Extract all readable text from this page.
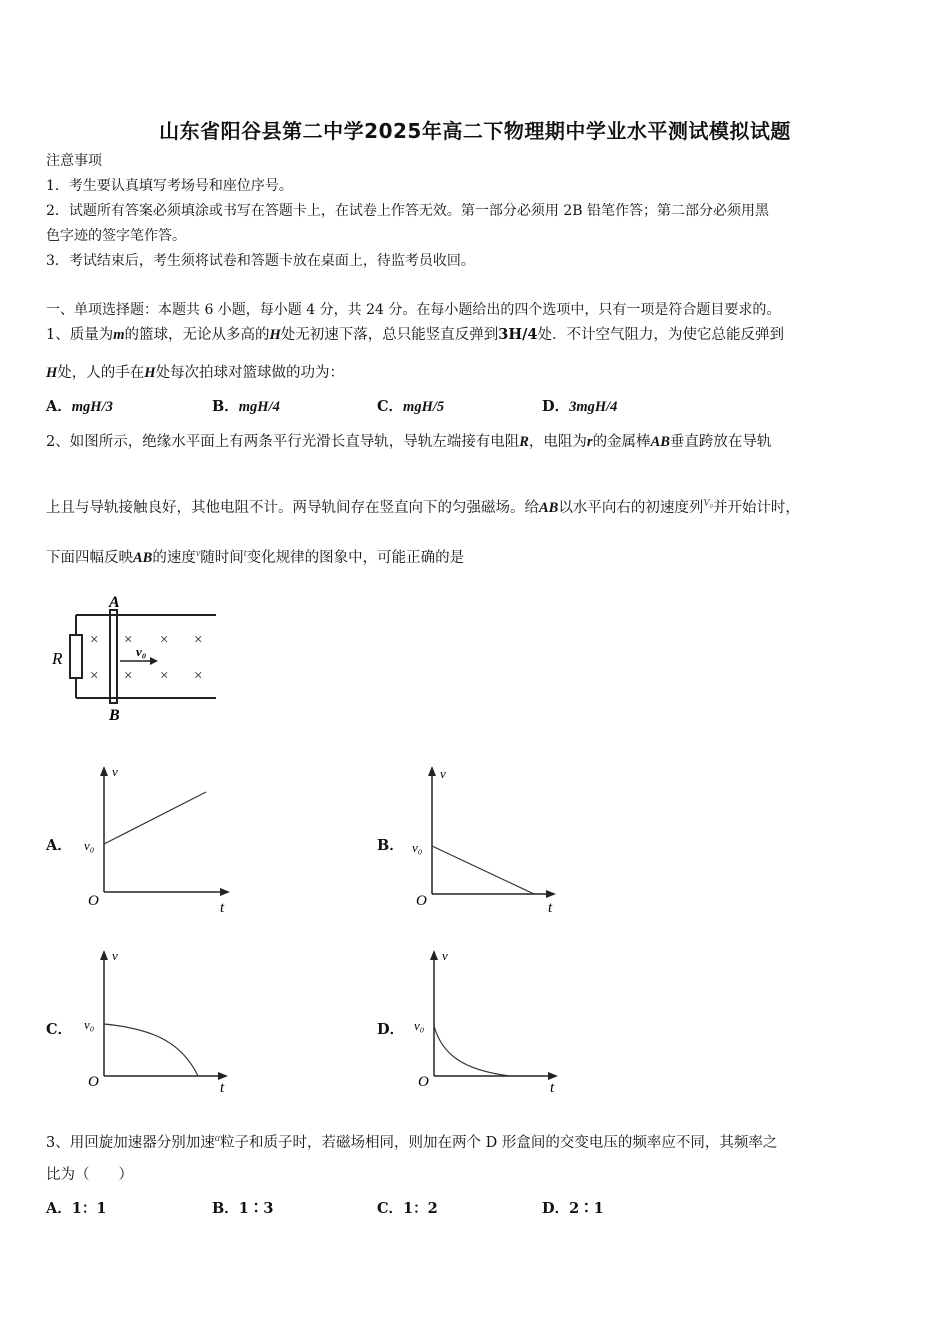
山东省阳谷县第二中学2025年高二下物理期中学业水平测试模拟试题
注意事项
1．考生要认真填写考场号和座位序号。
2．试题所有答案必须填涂或书写在答题卡上，在试卷上作答无效。第一部分必须用 2B 铅笔作答；第二部分必须用黑
色字迹的签字笔作答。
3．考试结束后，考生须将试卷和答题卡放在桌面上，待监考员收回。
一、单项选择题：本题共 6 小题，每小题 4 分，共 24 分。在每小题给出的四个选项中，只有一项是符合题目要求的。
1、质量为m的篮球，无论从多高的H处无初速下落，总只能竖直反弹到3H/4处．不计空气阻力，为使它总能反弹到
H处，人的手在H处每次拍球对篮球做的功为：
A．mgH/3	B．mgH/4	C．mgH/5	D．3mgH/4
2、如图所示，绝缘水平面上有两条平行光滑长直导轨，导轨左端接有电阻R，电阻为r的金属棒AB垂直跨放在导轨
上且与导轨接触良好，其他电阻不计。两导轨间存在竖直向下的匀强磁场。给AB以水平向右的初速度列$^{V_0}$并开始计时，
下面四幅反映AB的速度$^v$随时间$^t$变化规律的图象中，可能正确的是
R
A
B
×
×
×
×
×
×
×
×
v₀
A．	B．
C．	D．
v
t
O
v₀
v
t
O
v₀
v
t
O
v₀
v
t
O
v₀
3、用回旋加速器分别加速$^\alpha$粒子和质子时，若磁场相同，则加在两个 D 形盒间的交变电压的频率应不同，其频率之
比为（　　）
A．1：1	B．1∶3	C．1：2	D．2∶1
